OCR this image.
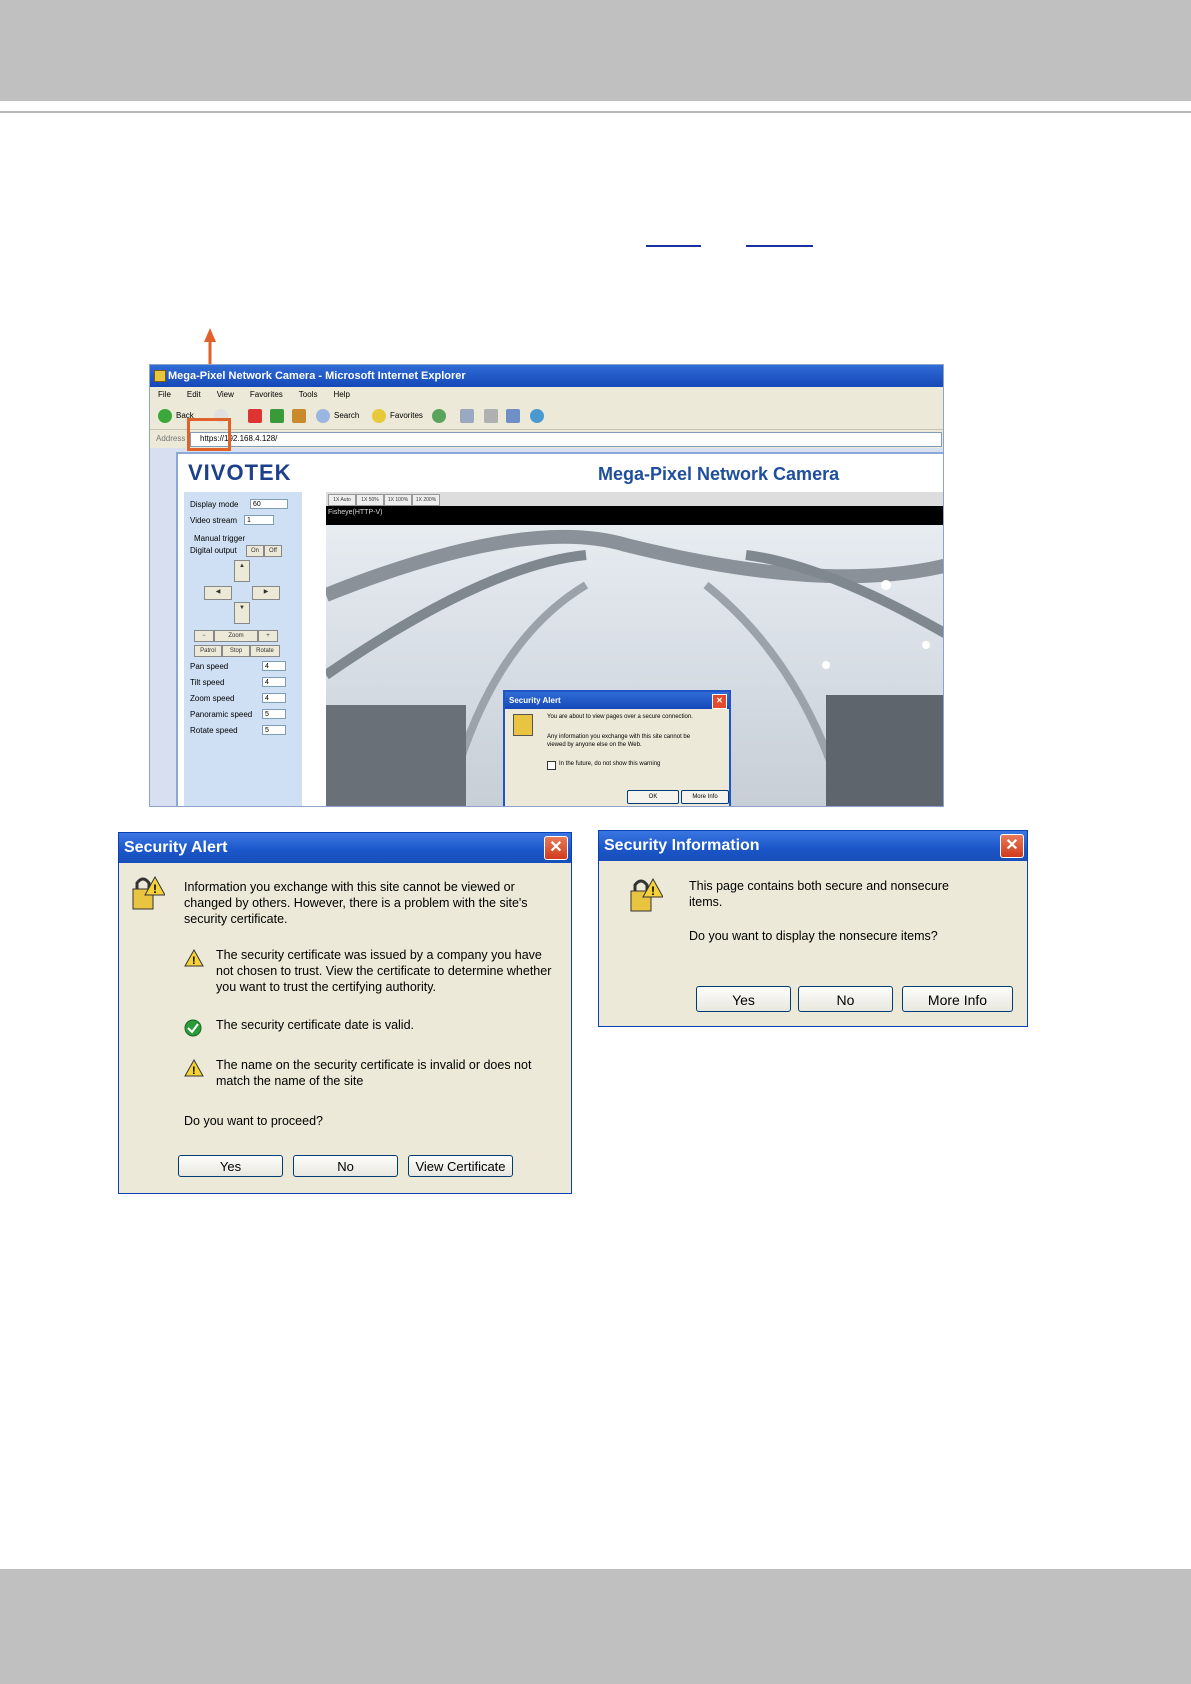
Mega-Pixel Network Camera - Microsoft Internet Explorer
File Edit View Favorites Tools Help
Back	Search	Favorites
Address https://192.168.4.128/
VIVOTEK	Mega-Pixel Network Camera
Display mode	60
Video stream	1
Manual trigger
Digital output	On	Off
▲
▼
◀	▶
−	Zoom	+
Patrol	Stop	Rotate
Pan speed	4
Tilt speed	4
Zoom speed	4
Panoramic speed	5
Rotate speed	5
1X Auto	1X 50%	1X 100%	1X 200%
Fisheye(HTTP-V)
Security Alert	✕
You are about to view pages over a secure connection.
Any information you exchange with this site cannot be
viewed by anyone else on the Web.
In the future, do not show this warning
OK	More Info
Security Alert	✕
! Information you exchange with this site cannot be viewed or
changed by others. However, there is a problem with the site's
security certificate.
! The security certificate was issued by a company you have
not chosen to trust. View the certificate to determine whether
you want to trust the certifying authority.
The security certificate date is valid.
! The name on the security certificate is invalid or does not
match the name of the site
Do you want to proceed?
Yes	No	View Certificate
Security Information	✕
!	This page contains both secure and nonsecure
items.
Do you want to display the nonsecure items?
Yes	No	More Info
